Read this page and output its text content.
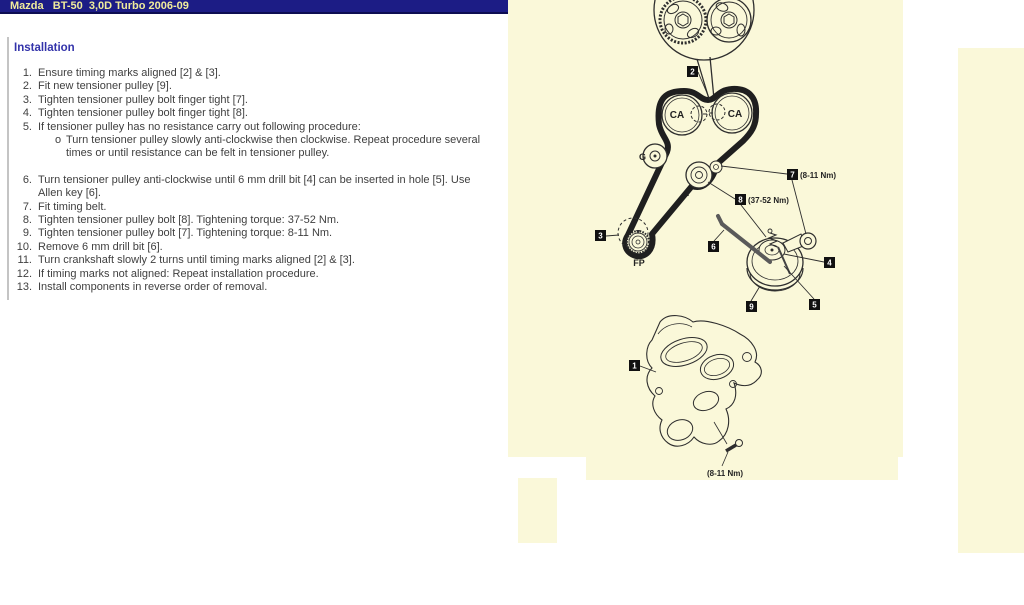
Mazda   BT-50  3,0D Turbo 2006-09
Installation
1. Ensure timing marks aligned [2] & [3].
2. Fit new tensioner pulley [9].
3. Tighten tensioner pulley bolt finger tight [7].
4. Tighten tensioner pulley bolt finger tight [8].
5. If tensioner pulley has no resistance carry out following procedure:
o Turn tensioner pulley slowly anti-clockwise then clockwise. Repeat procedure several times or until resistance can be felt in tensioner pulley.
6. Turn tensioner pulley anti-clockwise until 6 mm drill bit [4] can be inserted in hole [5]. Use Allen key [6].
7. Fit timing belt.
8. Tighten tensioner pulley bolt [8]. Tightening torque: 37-52 Nm.
9. Tighten tensioner pulley bolt [7]. Tightening torque: 8-11 Nm.
10. Remove 6 mm drill bit [6].
11. Turn crankshaft slowly 2 turns until timing marks aligned [2] & [3].
12. If timing marks not aligned: Repeat installation procedure.
13. Install components in reverse order of removal.
CA	CA
G
T
FP
1
2
3
4
5
6
7
8
9
(8-11 Nm)
(37-52 Nm)
(8-11 Nm)
